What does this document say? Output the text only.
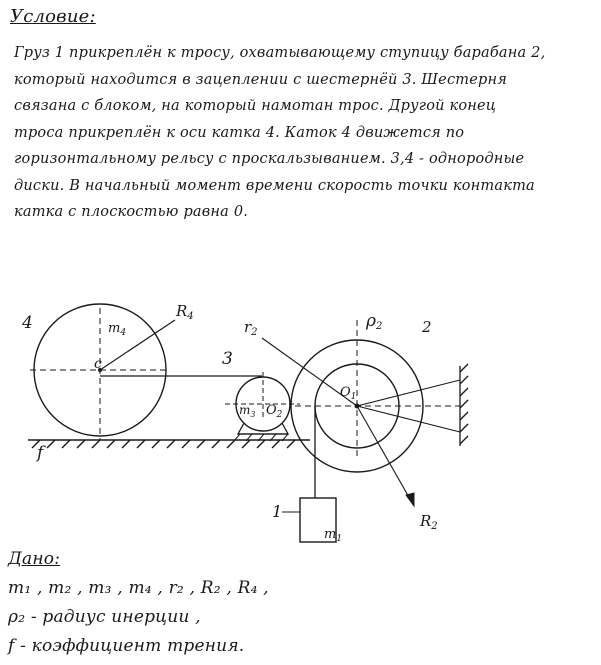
Условие:
Груз 1 прикреплён к тросу, охватывающему ступицу барабана 2,
который находится в зацеплении с шестернёй 3. Шестерня
связана с блоком, на который намотан трос. Другой конец
троса прикреплён к оси катка 4. Каток 4 движется по
горизонтальному рельсу с проскальзыванием. 3,4 - однородные
диски. В начальный момент времени скорость точки контакта
катка с плоскостью равна 0.
4	$m_4$
$R_4$
c	3
$m_3$ $O_2$
$r_2$
ρ2	2
$O_1$
$R_2$
1
$m_1$
f
Дано:
m₁ , m₂ , m₃ , m₄ , r₂ , R₂ , R₄ ,
ρ₂ - радиус инерции ,
f - коэффициент трения.
